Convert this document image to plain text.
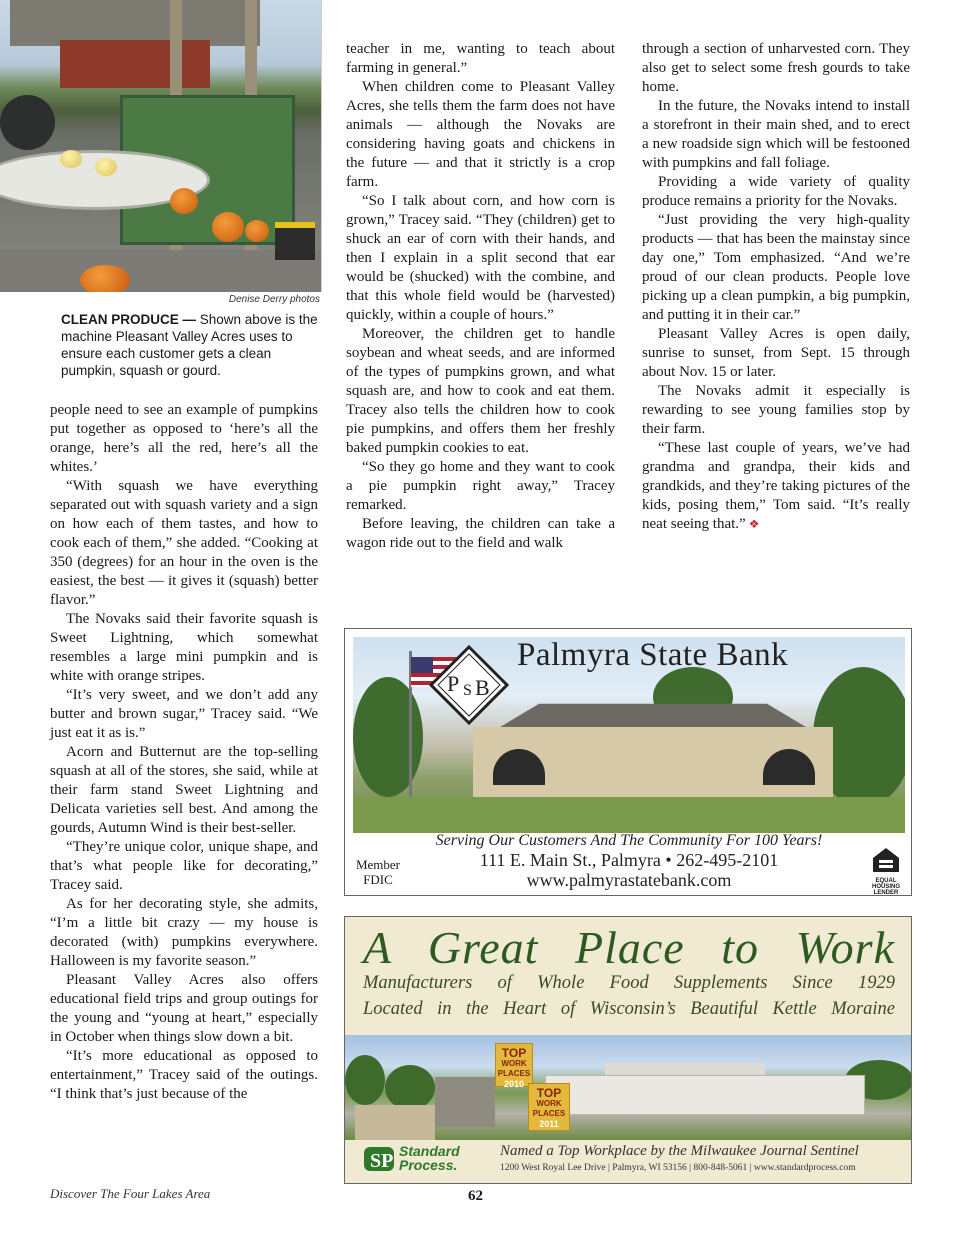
Denise Derry photos
CLEAN PRODUCE — Shown above is the machine Pleasant Valley Acres uses to ensure each customer gets a clean pumpkin, squash or gourd.

people need to see an example of pumpkins put together as opposed to ‘here’s all the orange, here’s all the red, here’s all the whites.’

“With squash we have everything separated out with squash variety and a sign on how each of them tastes, and how to cook each of them,” she added. “Cooking at 350 (degrees) for an hour in the oven is the easiest, the best — it gives it (squash) better flavor.”

The Novaks said their favorite squash is Sweet Lightning, which somewhat resembles a large mini pumpkin and is white with orange stripes.

“It’s very sweet, and we don’t add any butter and brown sugar,” Tracey said. “We just eat it as is.”

Acorn and Butternut are the top-selling squash at all of the stores, she said, while at their farm stand Sweet Lightning and Delicata varieties sell best. And among the gourds, Autumn Wind is their best-seller.

“They’re unique color, unique shape, and that’s what people like for decorating,” Tracey said.

As for her decorating style, she admits, “I’m a little bit crazy — my house is decorated (with) pumpkins everywhere. Halloween is my favorite season.”

Pleasant Valley Acres also offers educational field trips and group outings for the young and “young at heart,” especially in October when things slow down a bit.

“It’s more educational as opposed to entertainment,” Tracey said of the outings. “I think that’s just because of the

teacher in me, wanting to teach about farming in general.”

When children come to Pleasant Valley Acres, she tells them the farm does not have animals — although the Novaks are considering having goats and chickens in the future — and that it strictly is a crop farm.

“So I talk about corn, and how corn is grown,” Tracey said. “They (children) get to shuck an ear of corn with their hands, and then I explain in a split second that ear would be (shucked) with the combine, and that this whole field would be (harvested) quickly, within a couple of hours.”

Moreover, the children get to handle soybean and wheat seeds, and are informed of the types of pumpkins grown, and what squash are, and how to cook and eat them. Tracey also tells the children how to cook pie pumpkins, and offers them her freshly baked pumpkin cookies to eat.

“So they go home and they want to cook a pie pumpkin right away,” Tracey remarked.

Before leaving, the children can take a wagon ride out to the field and walk

through a section of unharvested corn. They also get to select some fresh gourds to take home.

In the future, the Novaks intend to install a storefront in their main shed, and to erect a new roadside sign which will be festooned with pumpkins and fall foliage.

Providing a wide variety of quality produce remains a priority for the Novaks.

“Just providing the very high-quality products — that has been the mainstay since day one,” Tom emphasized. “And we’re proud of our clean products. People love picking up a clean pumpkin, a big pumpkin, and putting it in their car.”

Pleasant Valley Acres is open daily, sunrise to sunset, from Sept. 15 through about Nov. 15 or later.

The Novaks admit it especially is rewarding to see young families stop by their farm.

“These last couple of years, we’ve had grandma and grandpa, their kids and grandkids, and they’re taking pictures of the kids, posing them,” Tom said. “It’s really neat seeing that.” ❖

P S B
Palmyra State Bank
Serving Our Customers And The Community For 100 Years!
111 E. Main St., Palmyra • 262-495-2101
www.palmyrastatebank.com
Member
FDIC	EQUAL HOUSING
LENDER
A Great Place to Work
Manufacturers of Whole Food Supplements Since 1929
Located in the Heart of Wisconsin’s Beautiful Kettle Moraine
TOP
WORK
PLACES
2010
TOP
WORK
PLACES
2011
SP Standard
Process.
Named a Top Workplace by the Milwaukee Journal Sentinel
1200 West Royal Lee Drive | Palmyra, WI 53156 | 800-848-5061 | www.standardprocess.com
Discover The Four Lakes Area	62
